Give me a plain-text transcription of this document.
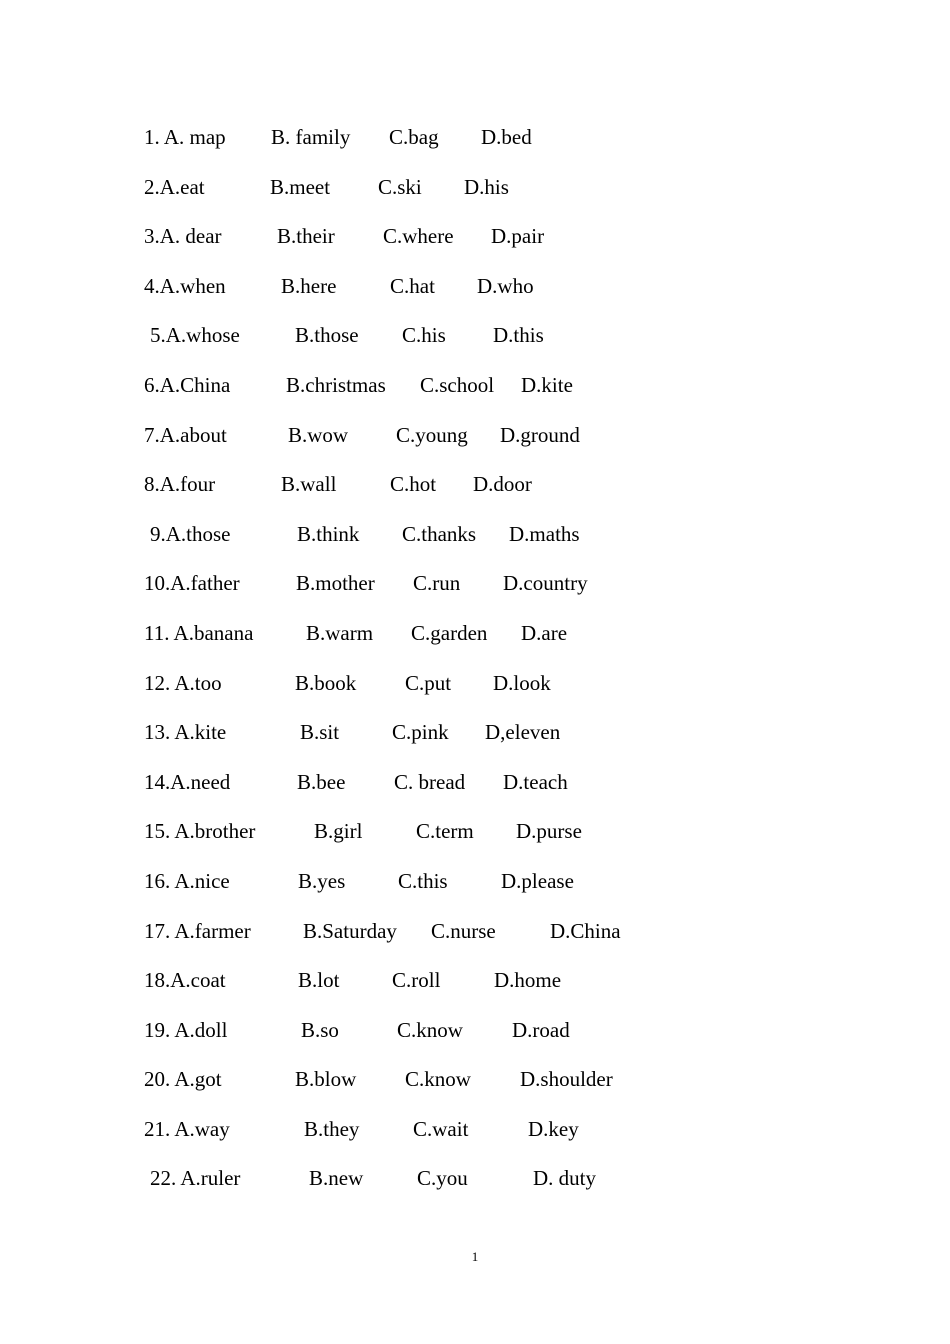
1. A. map B. family C.bag D.bed
2.A.eat	B.meet C.ski D.his
3.A. dear	B.their C.where D.pair
4.A.when	B.here	C.hat D.who
5.A.whose	B.those C.his D.this
6.A.China	B.christmas C.school D.kite
7.A.about	B.wow C.young D.ground
8.A.four	B.wall	C.hot D.door
9.A.those	B.think C.thanks D.maths
10.A.father	B.mother C.run D.country
11. A.banana	B.warm C.garden D.are
12. A.too	B.book C.put D.look
13. A.kite	B.sit	C.pink D,eleven
14.A.need	B.bee C. bread D.teach
15. A.brother	B.girl	C.term D.purse
16. A.nice	B.yes	C.this	D.please
17. A.farmer B.Saturday C.nurse	D.China
18.A.coat	B.lot	C.roll	D.home
19. A.doll	B.so	C.know D.road
20. A.got	B.blow C.know D.shoulder
21. A.way	B.they	C.wait	D.key
22. A.ruler	B.new	C.you	D. duty
1
